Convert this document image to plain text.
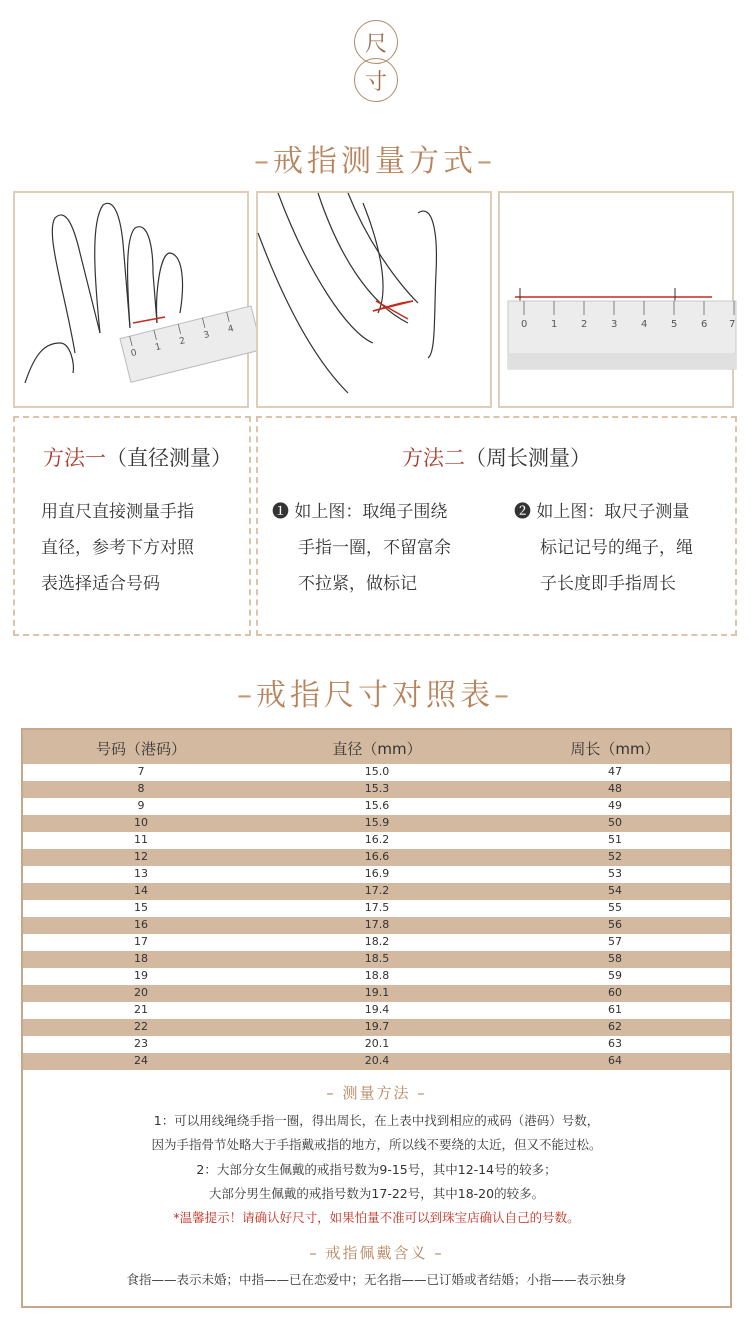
尺
寸
–戒指测量方式–
0
1
2
3
4	0 1 2 3 4 5 6 7
方法一（直径测量）
用直尺直接测量手指
直径，参考下方对照
表选择适合号码
方法二（周长测量）
❶ 如上图：取绳子围绕
手指一圈，不留富余
不拉紧，做标记
❷ 如上图：取尺子测量
标记记号的绳子，绳
子长度即手指周长
–戒指尺寸对照表–
号码（港码）	直径（mm）	周长（mm）
7	15.0	47
8	15.3	48
9	15.6	49
10	15.9	50
11	16.2	51
12	16.6	52
13	16.9	53
14	17.2	54
15	17.5	55
16	17.8	56
17	18.2	57
18	18.5	58
19	18.8	59
20	19.1	60
21	19.4	61
22	19.7	62
23	20.1	63
24	20.4	64
– 测量方法 –
1：可以用线绳绕手指一圈，得出周长，在上表中找到相应的戒码（港码）号数，
因为手指骨节处略大于手指戴戒指的地方，所以线不要绕的太近，但又不能过松。
2：大部分女生佩戴的戒指号数为9-15号，其中12-14号的较多；
大部分男生佩戴的戒指号数为17-22号，其中18-20的较多。
*温馨提示！请确认好尺寸，如果怕量不准可以到珠宝店确认自己的号数。
– 戒指佩戴含义 –
食指——表示未婚；中指——已在恋爱中；无名指——已订婚或者结婚；小指——表示独身
